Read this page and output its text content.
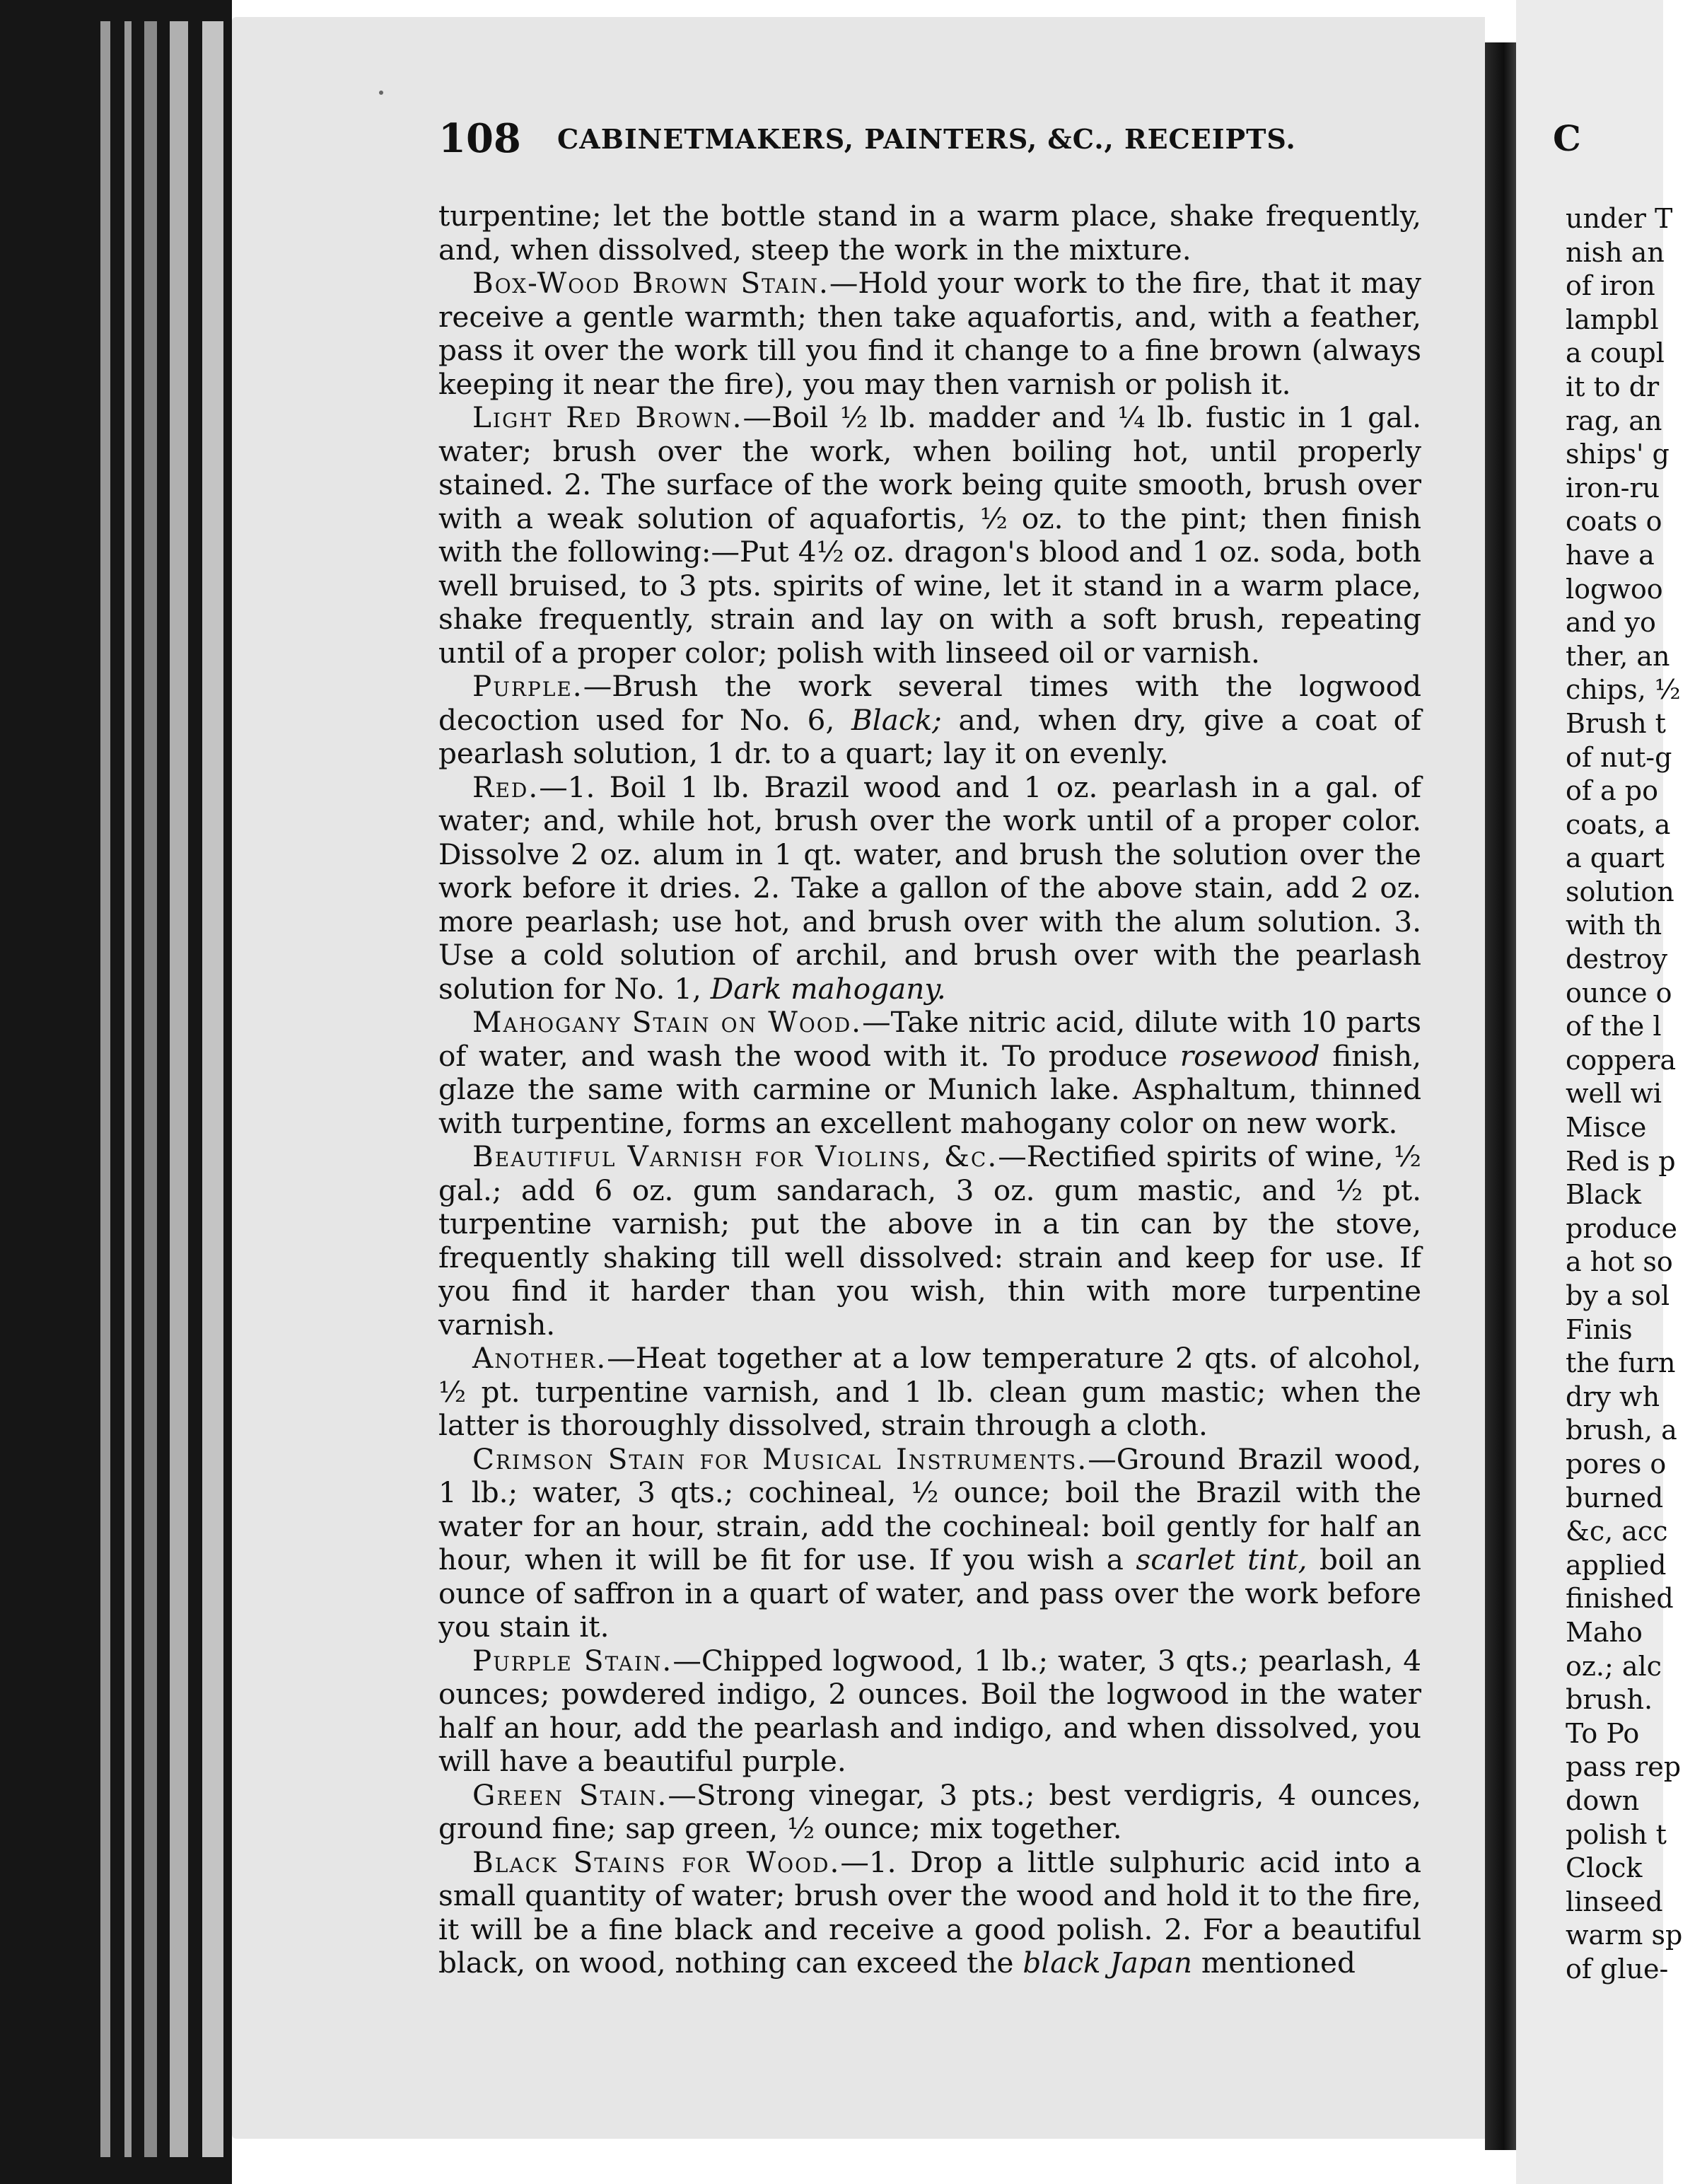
108 CABINETMAKERS, PAINTERS, &C., RECEIPTS.

turpentine; let the bottle stand in a warm place, shake frequently, and, when dissolved, steep the work in the mixture.

Box-Wood Brown Stain.—Hold your work to the fire, that it may receive a gentle warmth; then take aquafortis, and, with a feather, pass it over the work till you find it change to a fine brown (always keeping it near the fire), you may then varnish or polish it.

Light Red Brown.—Boil ½ lb. madder and ¼ lb. fustic in 1 gal. water; brush over the work, when boiling hot, until properly stained. 2. The surface of the work being quite smooth, brush over with a weak solution of aquafortis, ½ oz. to the pint; then finish with the following:—Put 4½ oz. dragon's blood and 1 oz. soda, both well bruised, to 3 pts. spirits of wine, let it stand in a warm place, shake frequently, strain and lay on with a soft brush, repeating until of a proper color; polish with linseed oil or varnish.

Purple.—Brush the work several times with the logwood decoction used for No. 6, Black; and, when dry, give a coat of pearlash solution, 1 dr. to a quart; lay it on evenly.

Red.—1. Boil 1 lb. Brazil wood and 1 oz. pearlash in a gal. of water; and, while hot, brush over the work until of a proper color. Dissolve 2 oz. alum in 1 qt. water, and brush the solution over the work before it dries. 2. Take a gallon of the above stain, add 2 oz. more pearlash; use hot, and brush over with the alum solution. 3. Use a cold solution of archil, and brush over with the pearlash solution for No. 1, Dark mahogany.

Mahogany Stain on Wood.—Take nitric acid, dilute with 10 parts of water, and wash the wood with it. To produce rosewood finish, glaze the same with carmine or Munich lake. Asphaltum, thinned with turpentine, forms an excellent mahogany color on new work.

Beautiful Varnish for Violins, &c.—Rectified spirits of wine, ½ gal.; add 6 oz. gum sandarach, 3 oz. gum mastic, and ½ pt. turpentine varnish; put the above in a tin can by the stove, frequently shaking till well dissolved: strain and keep for use. If you find it harder than you wish, thin with more turpentine varnish.

Another.—Heat together at a low temperature 2 qts. of alcohol, ½ pt. turpentine varnish, and 1 lb. clean gum mastic; when the latter is thoroughly dissolved, strain through a cloth.

Crimson Stain for Musical Instruments.—Ground Brazil wood, 1 lb.; water, 3 qts.; cochineal, ½ ounce; boil the Brazil with the water for an hour, strain, add the cochineal: boil gently for half an hour, when it will be fit for use. If you wish a scarlet tint, boil an ounce of saffron in a quart of water, and pass over the work before you stain it.

Purple Stain.—Chipped logwood, 1 lb.; water, 3 qts.; pearlash, 4 ounces; powdered indigo, 2 ounces. Boil the logwood in the water half an hour, add the pearlash and indigo, and when dissolved, you will have a beautiful purple.

Green Stain.—Strong vinegar, 3 pts.; best verdigris, 4 ounces, ground fine; sap green, ½ ounce; mix together.

Black Stains for Wood.—1. Drop a little sulphuric acid into a small quantity of water; brush over the wood and hold it to the fire, it will be a fine black and receive a good polish. 2. For a beautiful black, on wood, nothing can exceed the black Japan mentioned

C
under T
nish an
of iron
lampbl
a coupl
it to dr
rag, an
ships' g
iron-ru
coats o
have a
logwoo
and yo
ther, an
chips, ½
Brush t
of nut-g
of a po
coats, a
a quart
solution
with th
destroy
ounce o
of the l
coppera
well wi
Misce
Red is p
Black
produce
a hot so
by a sol
Finis
the furn
dry wh
brush, a
pores o
burned
&c, acc
applied
finished
Maho
oz.; alc
brush.
To Po
pass rep
down
polish t
Clock
linseed
warm sp
of glue-
